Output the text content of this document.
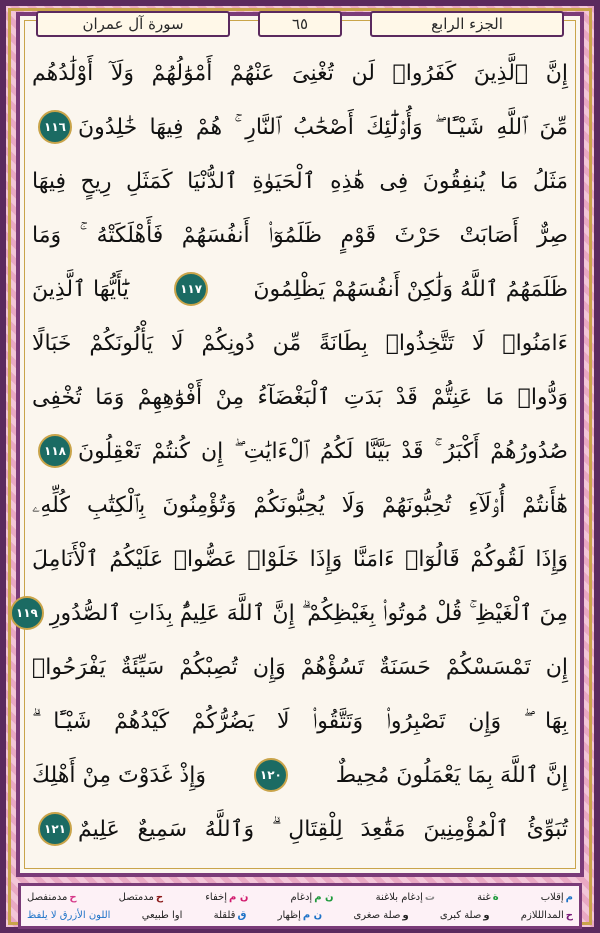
سورة آل عمران	٦٥	الجزء الرابع
إِنَّ ٱلَّذِينَ كَفَرُوا۟ لَن تُغْنِىَ عَنْهُمْ أَمْوَٰلُهُمْ وَلَآ أَوْلَٰدُهُم
مِّنَ ٱللَّهِ شَيْـًٔا ۖ وَأُو۟لَٰٓئِكَ أَصْحَٰبُ ٱلنَّارِ ۚ هُمْ فِيهَا خَٰلِدُونَ
١١٦
مَثَلُ مَا يُنفِقُونَ فِى هَٰذِهِ ٱلْحَيَوٰةِ ٱلدُّنْيَا كَمَثَلِ رِيحٍ فِيهَا
صِرٌّ أَصَابَتْ حَرْثَ قَوْمٍ ظَلَمُوٓا۟ أَنفُسَهُمْ فَأَهْلَكَتْهُ ۚ وَمَا
ظَلَمَهُمُ ٱللَّهُ وَلَٰكِنْ أَنفُسَهُمْ يَظْلِمُونَ
١١٧
يَٰٓأَيُّهَا ٱلَّذِينَ
ءَامَنُوا۟ لَا تَتَّخِذُوا۟ بِطَانَةً مِّن دُونِكُمْ لَا يَأْلُونَكُمْ خَبَالًا
وَدُّوا۟ مَا عَنِتُّمْ قَدْ بَدَتِ ٱلْبَغْضَآءُ مِنْ أَفْوَٰهِهِمْ وَمَا تُخْفِى
صُدُورُهُمْ أَكْبَرُ ۚ قَدْ بَيَّنَّا لَكُمُ ٱلْءَايَٰتِ ۖ إِن كُنتُمْ تَعْقِلُونَ
١١٨
هَٰٓأَنتُمْ أُو۟لَآءِ تُحِبُّونَهُمْ وَلَا يُحِبُّونَكُمْ وَتُؤْمِنُونَ بِٱلْكِتَٰبِ كُلِّهِۦ
وَإِذَا لَقُوكُمْ قَالُوٓا۟ ءَامَنَّا وَإِذَا خَلَوْا۟ عَضُّوا۟ عَلَيْكُمُ ٱلْأَنَامِلَ
مِنَ ٱلْغَيْظِ ۚ قُلْ مُوتُوا۟ بِغَيْظِكُمْ ۗ إِنَّ ٱللَّهَ عَلِيمٌۢ بِذَاتِ ٱلصُّدُورِ
١١٩
إِن تَمْسَسْكُمْ حَسَنَةٌ تَسُؤْهُمْ وَإِن تُصِبْكُمْ سَيِّئَةٌ يَفْرَحُوا۟
بِهَا ۖ وَإِن تَصْبِرُوا۟ وَتَتَّقُوا۟ لَا يَضُرُّكُمْ كَيْدُهُمْ شَيْـًٔا ۗ
إِنَّ ٱللَّهَ بِمَا يَعْمَلُونَ مُحِيطٌ
١٢٠
وَإِذْ غَدَوْتَ مِنْ أَهْلِكَ
تُبَوِّئُ ٱلْمُؤْمِنِينَ مَقَٰعِدَ لِلْقِتَالِ ۗ وَٱللَّهُ سَمِيعٌ عَلِيمٌ
١٢١
م
إقلاب
ة
غنة
ت
إدغام بلاغنة
ن م
إدغام
ن م
إخفاء
ح
مدمتصل
ح
مدمنفصل
ح
المدالللازم
و
صلة كبرى
و
صلة صغرى
ن م
إظهار
ق
قلقلة
اوا طبيعي
اللون الأزرق لا يلفظ
